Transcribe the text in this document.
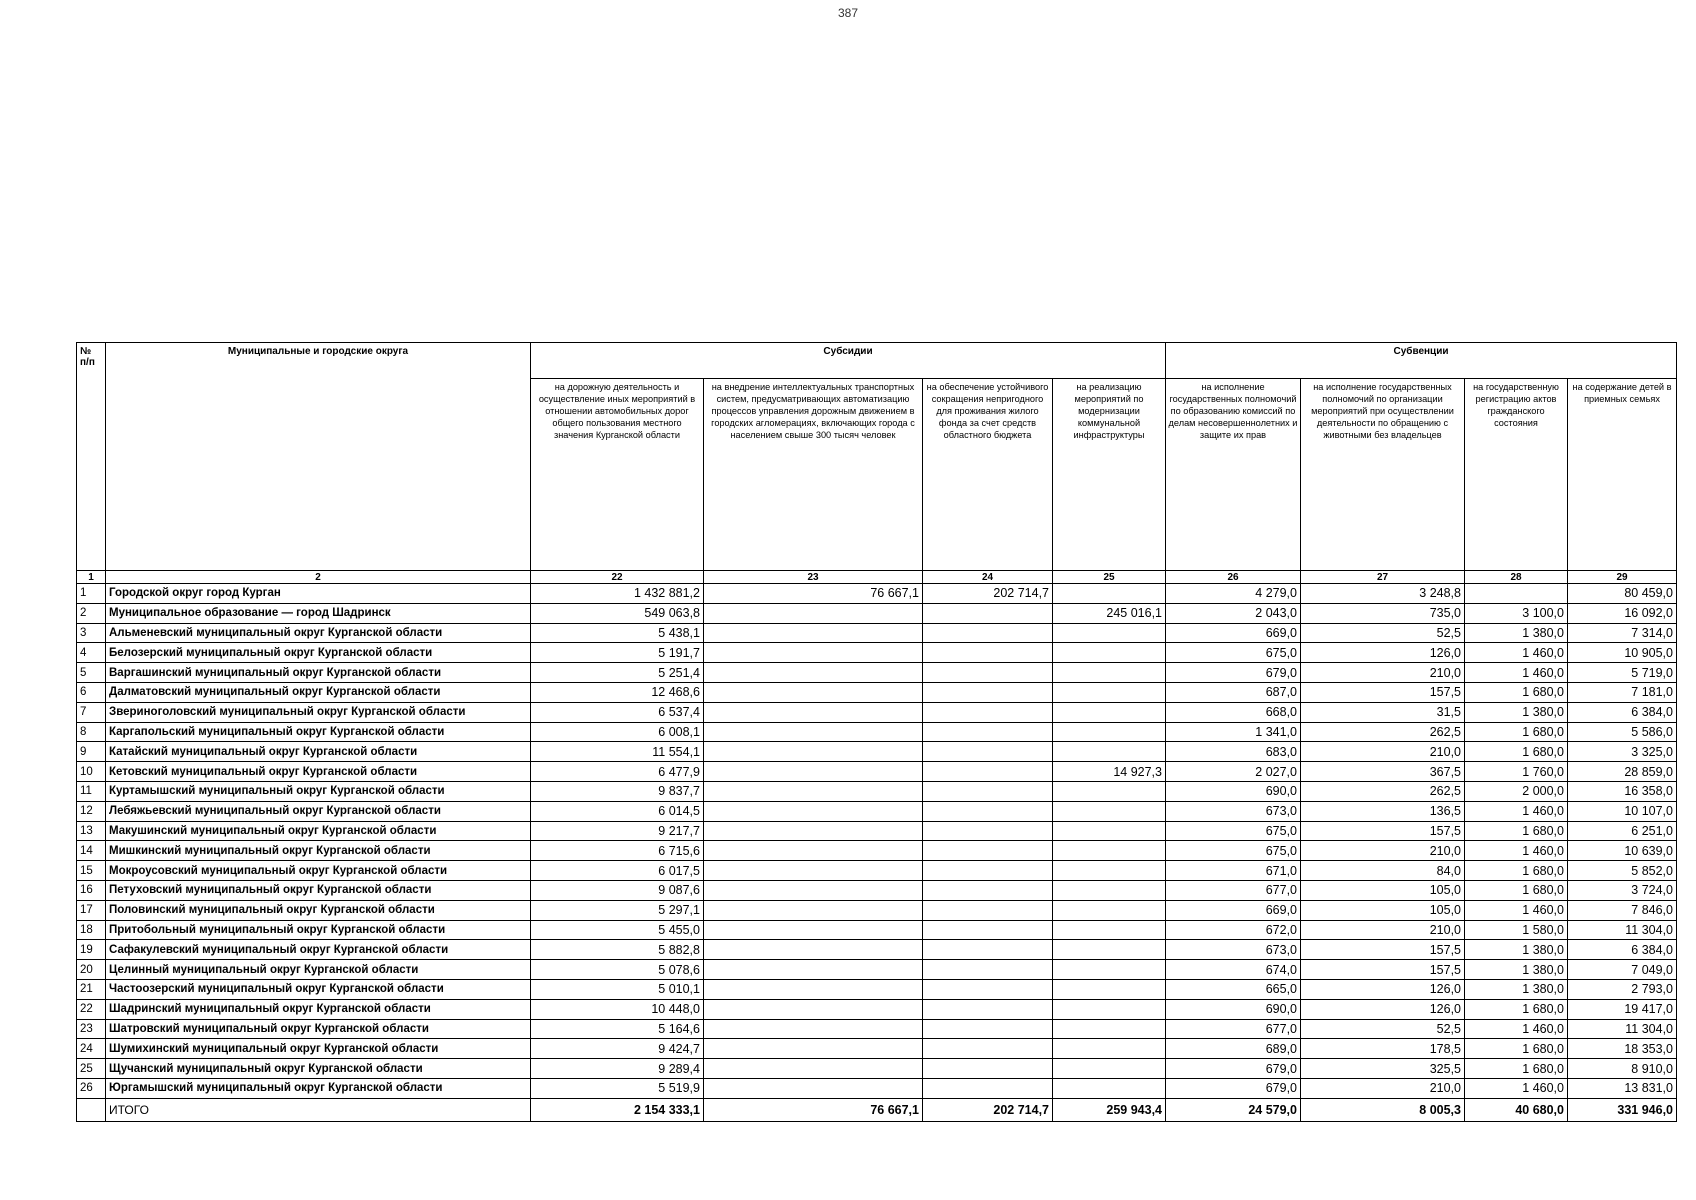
387
№ п/п	Муниципальные и городские округа	Субсидии				Субвенции			
		на дорожную деятельность и осуществление иных мероприятий в отношении автомобильных дорог общего пользования местного значения Курганской области	на внедрение интеллектуальных транспортных систем, предусматривающих автоматизацию процессов управления дорожным движением в городских агломерациях, включающих города с населением свыше 300 тысяч человек	на обеспечение устойчивого сокращения непригодного для проживания жилого фонда за счет средств областного бюджета	на реализацию мероприятий по модернизации коммунальной инфраструктуры	на исполнение государственных полномочий по образованию комиссий по делам несовершеннолетних и защите их прав	на исполнение государственных полномочий по организации мероприятий при осуществлении деятельности по обращению с животными без владельцев	на государственную регистрацию актов гражданского состояния	на содержание детей в приемных семьях
1	2	22	23	24	25	26	27	28	29
1	Городской округ город Курган	1 432 881,2	76 667,1	202 714,7		4 279,0	3 248,8		80 459,0
2	Муниципальное образование — город Шадринск	549 063,8			245 016,1	2 043,0	735,0	3 100,0	16 092,0
3	Альменевский муниципальный округ Курганской области	5 438,1				669,0	52,5	1 380,0	7 314,0
4	Белозерский муниципальный округ Курганской области	5 191,7				675,0	126,0	1 460,0	10 905,0
5	Варгашинский муниципальный округ Курганской области	5 251,4				679,0	210,0	1 460,0	5 719,0
6	Далматовский муниципальный округ Курганской области	12 468,6				687,0	157,5	1 680,0	7 181,0
7	Звериноголовский муниципальный округ Курганской области	6 537,4				668,0	31,5	1 380,0	6 384,0
8	Каргапольский муниципальный округ Курганской области	6 008,1				1 341,0	262,5	1 680,0	5 586,0
9	Катайский муниципальный округ Курганской области	11 554,1				683,0	210,0	1 680,0	3 325,0
10	Кетовский муниципальный округ Курганской области	6 477,9			14 927,3	2 027,0	367,5	1 760,0	28 859,0
11	Куртамышский муниципальный округ Курганской области	9 837,7				690,0	262,5	2 000,0	16 358,0
12	Лебяжьевский муниципальный округ Курганской области	6 014,5				673,0	136,5	1 460,0	10 107,0
13	Макушинский муниципальный округ Курганской области	9 217,7				675,0	157,5	1 680,0	6 251,0
14	Мишкинский муниципальный округ Курганской области	6 715,6				675,0	210,0	1 460,0	10 639,0
15	Мокроусовский муниципальный округ Курганской области	6 017,5				671,0	84,0	1 680,0	5 852,0
16	Петуховский муниципальный округ Курганской области	9 087,6				677,0	105,0	1 680,0	3 724,0
17	Половинский муниципальный округ Курганской области	5 297,1				669,0	105,0	1 460,0	7 846,0
18	Притобольный муниципальный округ Курганской области	5 455,0				672,0	210,0	1 580,0	11 304,0
19	Сафакулевский муниципальный округ Курганской области	5 882,8				673,0	157,5	1 380,0	6 384,0
20	Целинный муниципальный округ Курганской области	5 078,6				674,0	157,5	1 380,0	7 049,0
21	Частоозерский муниципальный округ Курганской области	5 010,1				665,0	126,0	1 380,0	2 793,0
22	Шадринский муниципальный округ Курганской области	10 448,0				690,0	126,0	1 680,0	19 417,0
23	Шатровский муниципальный округ Курганской области	5 164,6				677,0	52,5	1 460,0	11 304,0
24	Шумихинский муниципальный округ Курганской области	9 424,7				689,0	178,5	1 680,0	18 353,0
25	Щучанский муниципальный округ Курганской области	9 289,4				679,0	325,5	1 680,0	8 910,0
26	Юргамышский муниципальный округ Курганской области	5 519,9				679,0	210,0	1 460,0	13 831,0
	ИТОГО	2 154 333,1	76 667,1	202 714,7	259 943,4	24 579,0	8 005,3	40 680,0	331 946,0
